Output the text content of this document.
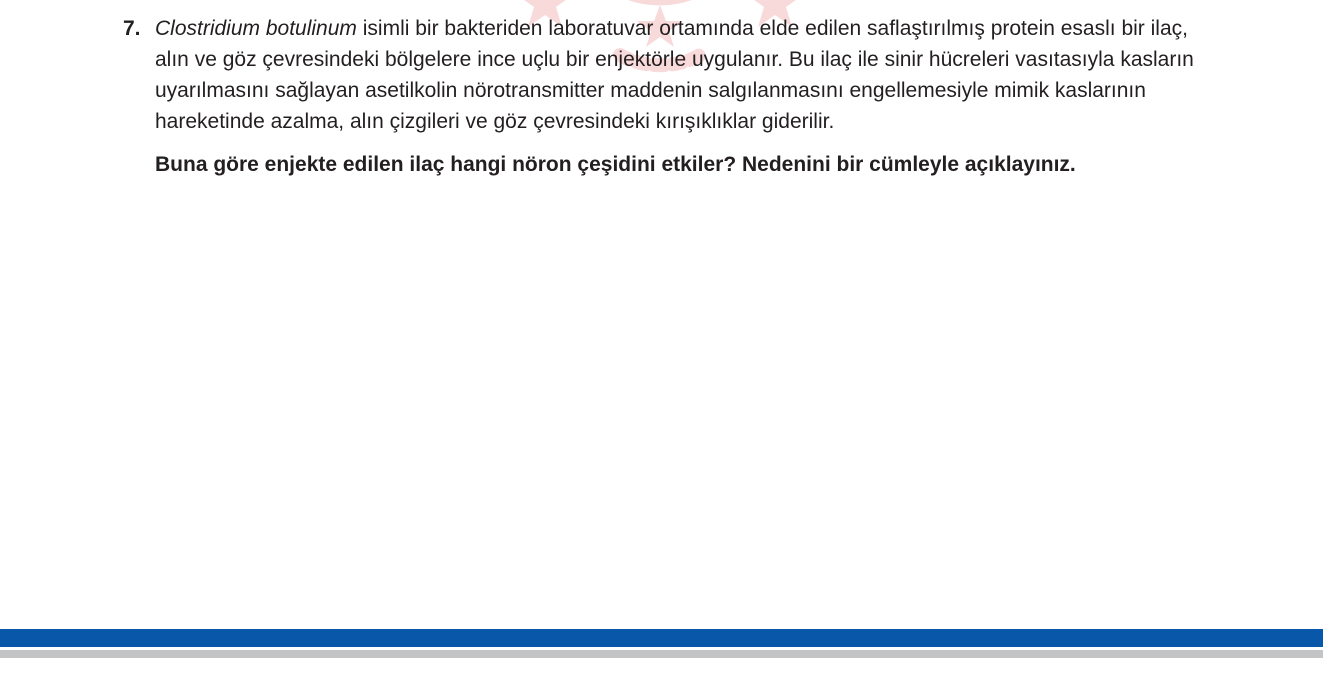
7. Clostridium botulinum isimli bir bakteriden laboratuvar ortamında elde edilen saflaştırılmış protein esaslı bir ilaç, alın ve göz çevresindeki bölgelere ince uçlu bir enjektörle uygulanır. Bu ilaç ile sinir hücreleri vasıtasıyla kasların uyarılmasını sağlayan asetilkolin nörotransmitter maddenin salgılanmasını engellemesiyle mimik kaslarının hareketinde azalma, alın çizgileri ve göz çevresindeki kırışıklıklar giderilir.

Buna göre enjekte edilen ilaç hangi nöron çeşidini etkiler? Nedenini bir cümleyle açıklayınız.
